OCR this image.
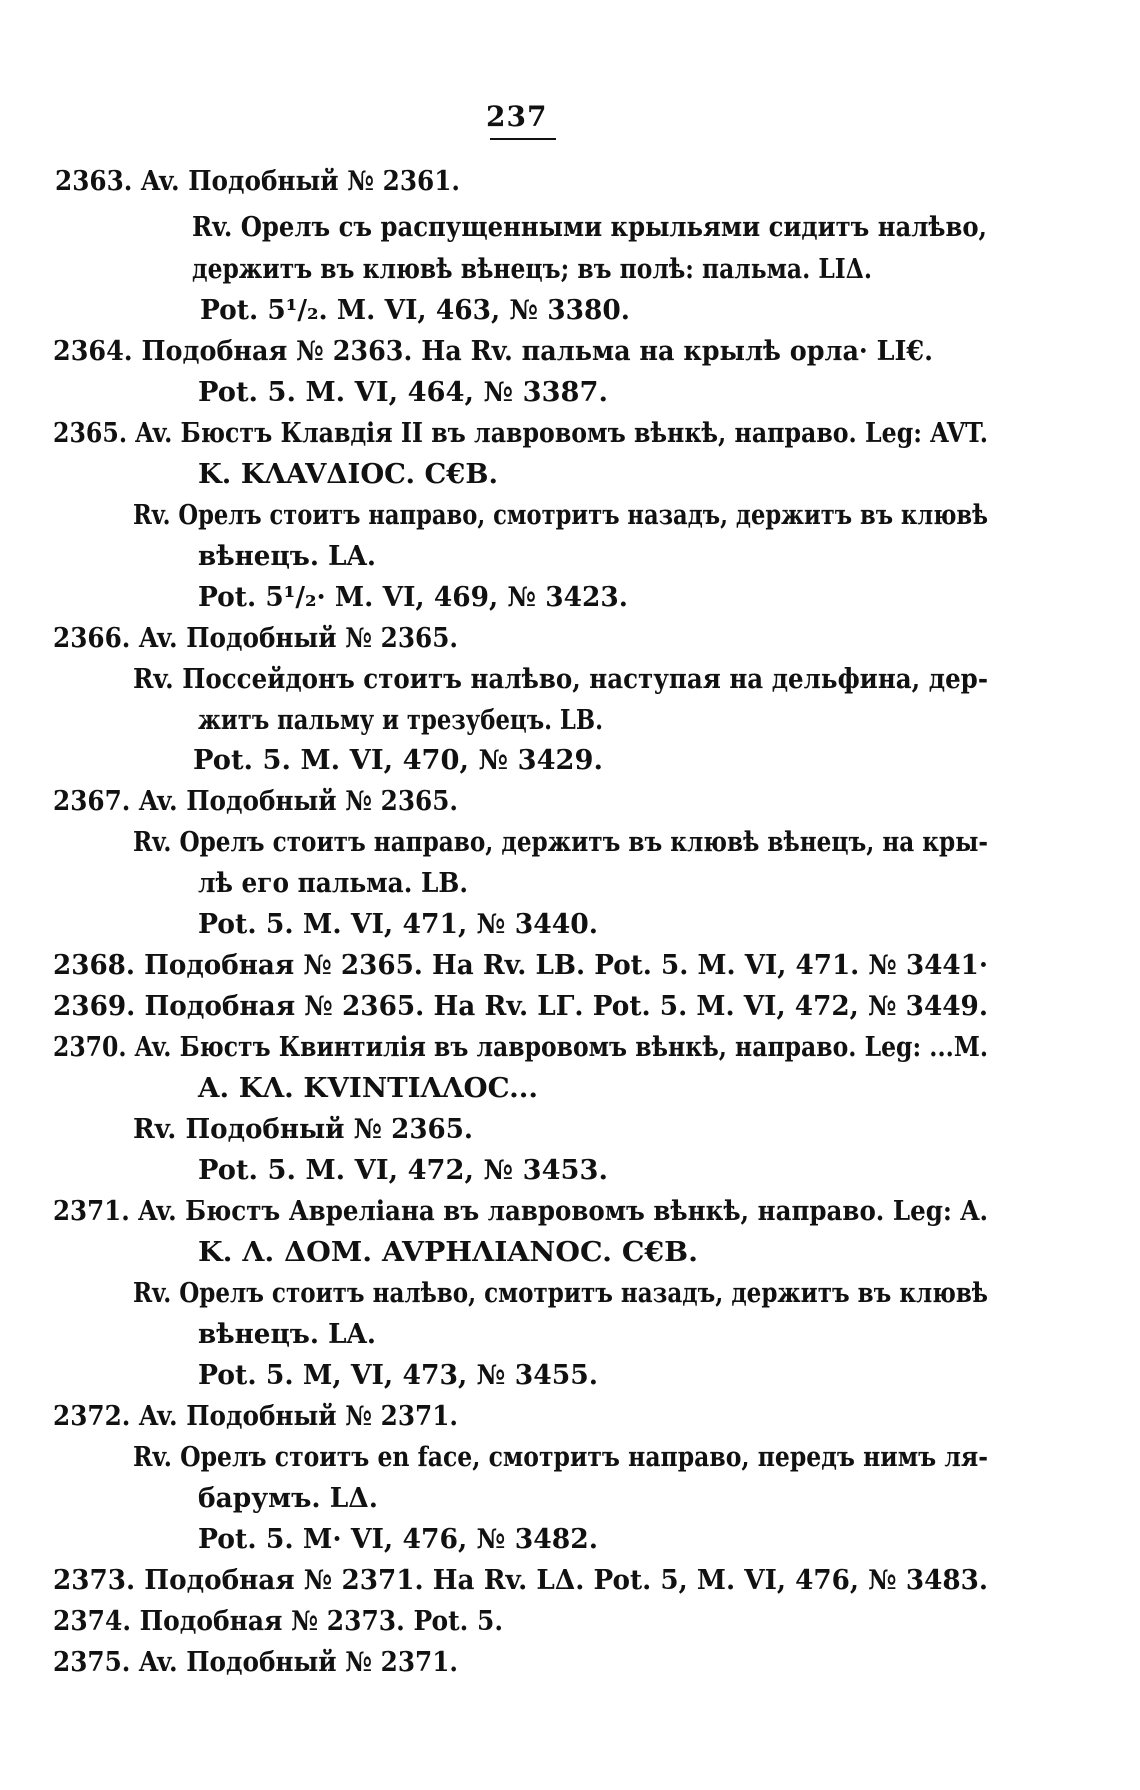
237
2363. Av. Подобный № 2361.
Rv. Орелъ съ распущенными крыльями сидитъ налѣво,
держитъ въ клювѣ вѣнецъ; въ полѣ: пальма. LIΔ.
Pot. 5¹/₂. M. VI, 463, № 3380.
2364. Подобная № 2363. На Rv. пальма на крылѣ орла· LI€.
Pot. 5. M. VI, 464, № 3387.
2365. Av. Бюстъ Клавдія II въ лавровомъ вѣнкѣ, направо. Leg: AVT.
K. KΛAVΔIOC. C€B.
Rv. Орелъ стоитъ направо, смотритъ назадъ, держитъ въ клювѣ
вѣнецъ. LA.
Pot. 5¹/₂· M. VI, 469, № 3423.
2366. Av. Подобный № 2365.
Rv. Поссейдонъ стоитъ налѣво, наступая на дельфина, дер-
житъ пальму и трезубецъ. LB.
Pot. 5. M. VI, 470, № 3429.
2367. Av. Подобный № 2365.
Rv. Орелъ стоитъ направо, держитъ въ клювѣ вѣнецъ, на кры-
лѣ его пальма. LB.
Pot. 5. M. VI, 471, № 3440.
2368. Подобная № 2365. На Rv. LB. Pot. 5. M. VI, 471. № 3441·
2369. Подобная № 2365. На Rv. LΓ. Pot. 5. M. VI, 472, № 3449.
2370. Av. Бюстъ Квинтилія въ лавровомъ вѣнкѣ, направо. Leg: ...M.
A. KΛ. KVINTIΛΛOC...
Rv. Подобный № 2365.
Pot. 5. M. VI, 472, № 3453.
2371. Av. Бюстъ Авреліана въ лавровомъ вѣнкѣ, направо. Leg: A.
K. Λ. ΔOM. AVPHΛIANOC. C€B.
Rv. Орелъ стоитъ налѣво, смотритъ назадъ, держитъ въ клювѣ
вѣнецъ. LA.
Pot. 5. M, VI, 473, № 3455.
2372. Av. Подобный № 2371.
Rv. Орелъ стоитъ en face, смотритъ направо, передъ нимъ ля-
барумъ. LΔ.
Pot. 5. M· VI, 476, № 3482.
2373. Подобная № 2371. На Rv. LΔ. Pot. 5, M. VI, 476, № 3483.
2374. Подобная № 2373. Pot. 5.
2375. Av. Подобный № 2371.
